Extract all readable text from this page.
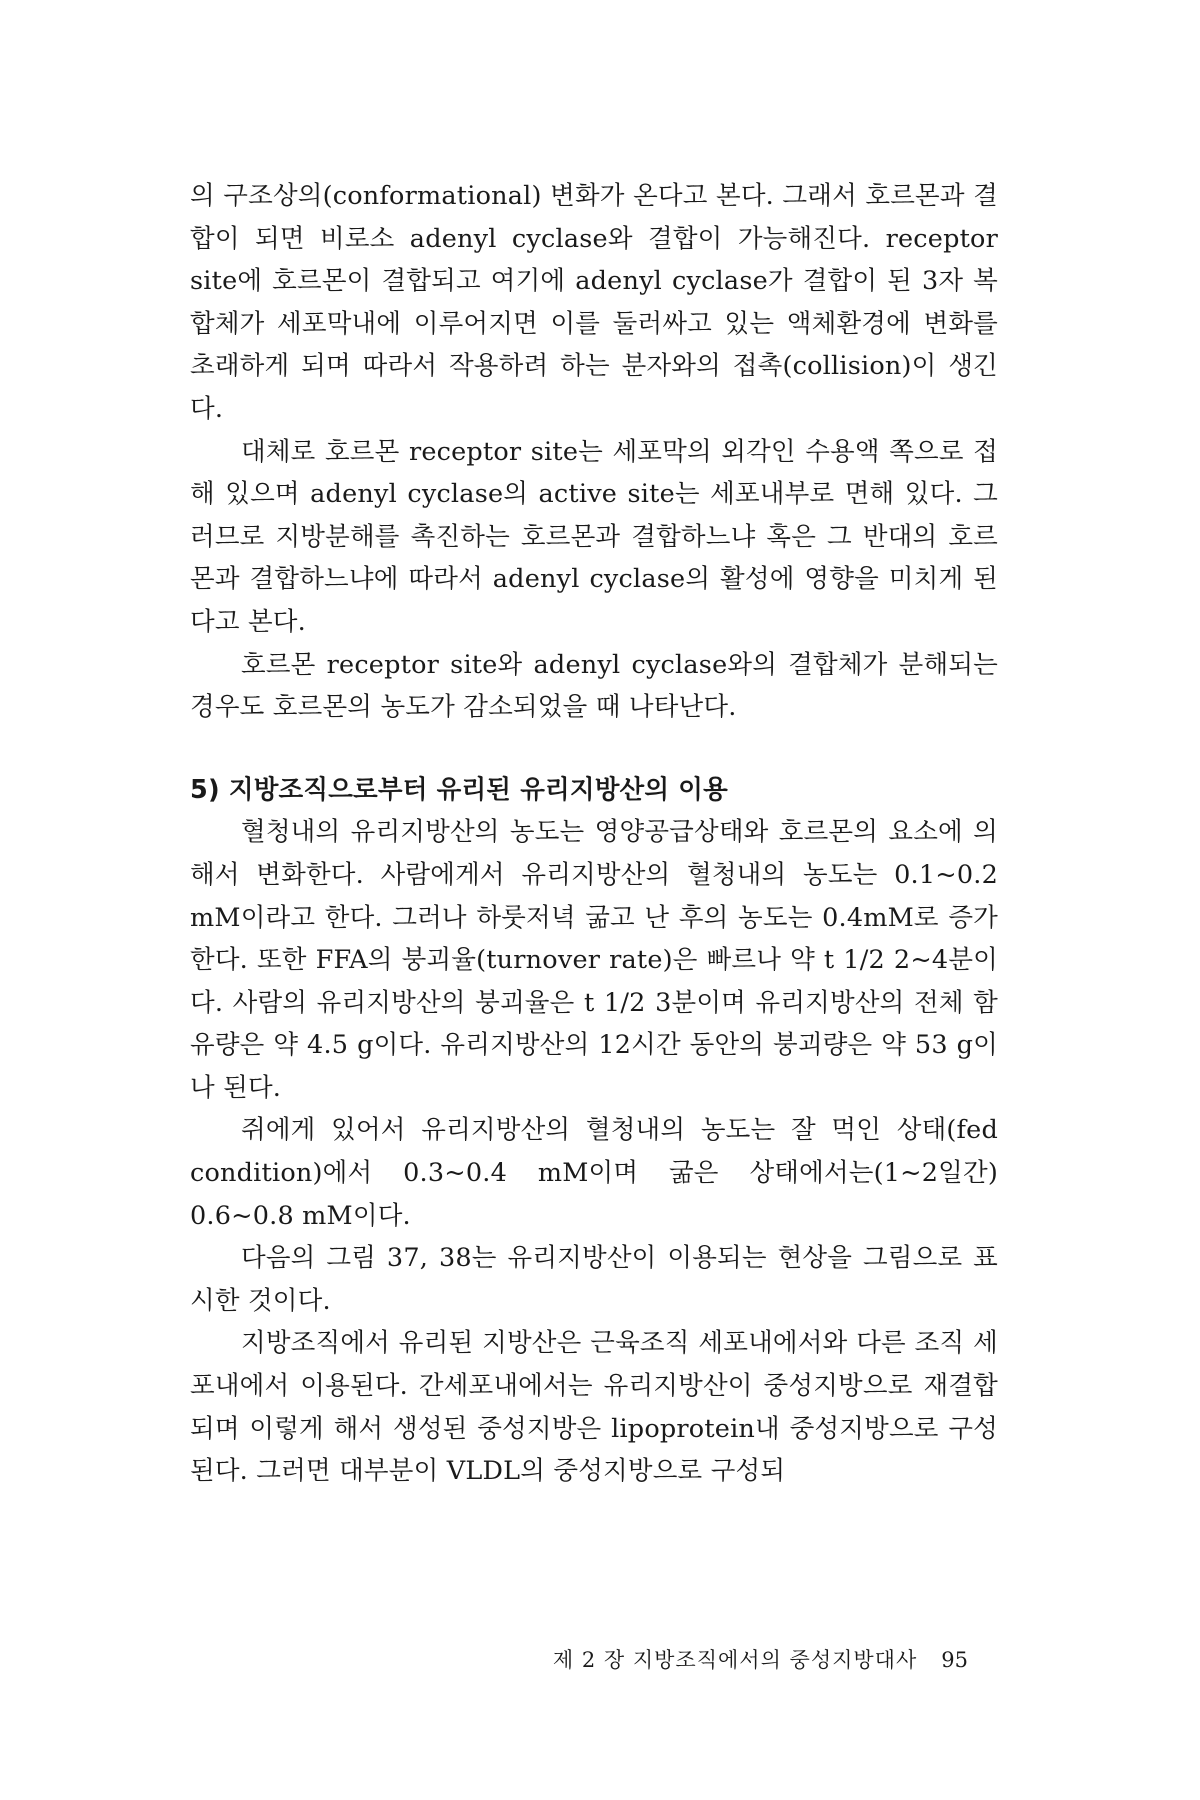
의 구조상의(conformational) 변화가 온다고 본다. 그래서 호르몬과 결합이 되면 비로소 adenyl cyclase와 결합이 가능해진다. receptor site에 호르몬이 결합되고 여기에 adenyl cyclase가 결합이 된 3자 복합체가 세포막내에 이루어지면 이를 둘러싸고 있는 액체환경에 변화를 초래하게 되며 따라서 작용하려 하는 분자와의 접촉(collision)이 생긴다.

대체로 호르몬 receptor site는 세포막의 외각인 수용액 쪽으로 접해 있으며 adenyl cyclase의 active site는 세포내부로 면해 있다. 그러므로 지방분해를 촉진하는 호르몬과 결합하느냐 혹은 그 반대의 호르몬과 결합하느냐에 따라서 adenyl cyclase의 활성에 영향을 미치게 된다고 본다.

호르몬 receptor site와 adenyl cyclase와의 결합체가 분해되는 경우도 호르몬의 농도가 감소되었을 때 나타난다.

5) 지방조직으로부터 유리된 유리지방산의 이용

혈청내의 유리지방산의 농도는 영양공급상태와 호르몬의 요소에 의해서 변화한다. 사람에게서 유리지방산의 혈청내의 농도는 0.1~0.2 mM이라고 한다. 그러나 하룻저녁 굶고 난 후의 농도는 0.4mM로 증가한다. 또한 FFA의 붕괴율(turnover rate)은 빠르나 약 t 1/2 2~4분이다. 사람의 유리지방산의 붕괴율은 t 1/2 3분이며 유리지방산의 전체 함유량은 약 4.5 g이다. 유리지방산의 12시간 동안의 붕괴량은 약 53 g이나 된다.

쥐에게 있어서 유리지방산의 혈청내의 농도는 잘 먹인 상태(fed condition)에서 0.3~0.4 mM이며 굶은 상태에서는(1~2일간) 0.6~0.8 mM이다.

다음의 그림 37, 38는 유리지방산이 이용되는 현상을 그림으로 표시한 것이다.

지방조직에서 유리된 지방산은 근육조직 세포내에서와 다른 조직 세포내에서 이용된다. 간세포내에서는 유리지방산이 중성지방으로 재결합되며 이렇게 해서 생성된 중성지방은 lipoprotein내 중성지방으로 구성된다. 그러면 대부분이 VLDL의 중성지방으로 구성되

제 2 장 지방조직에서의 중성지방대사 95
